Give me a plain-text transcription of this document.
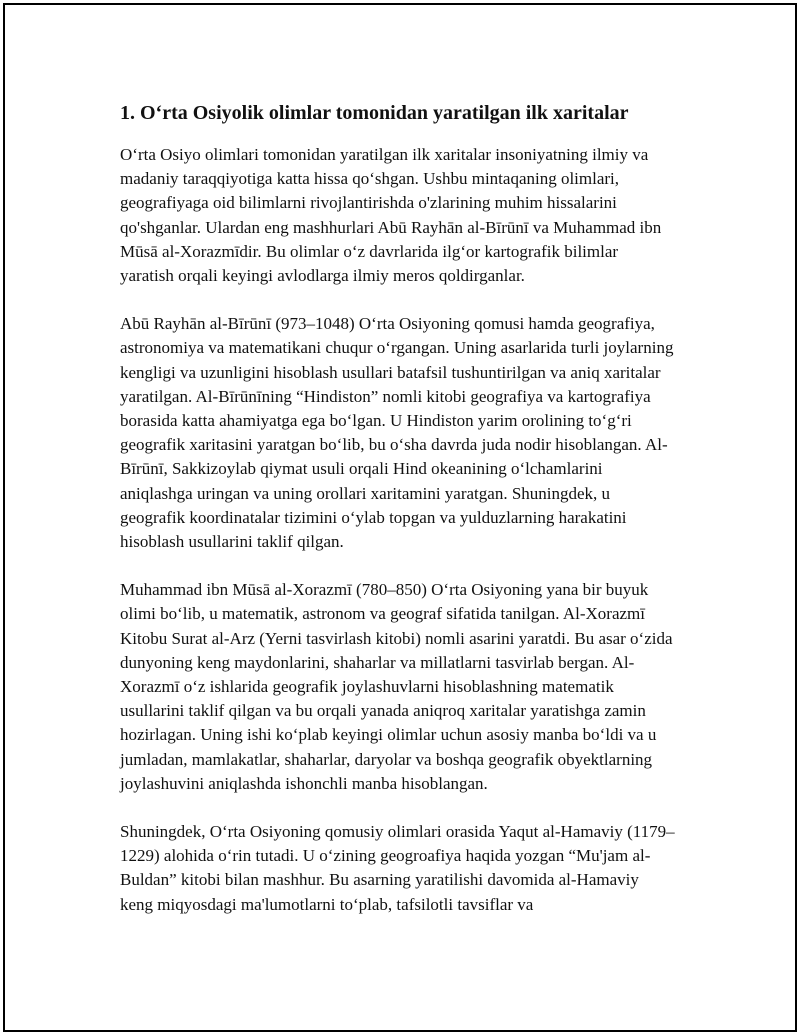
1. Oʻrta Osiyolik olimlar tomonidan yaratilgan ilk xaritalar

Oʻrta Osiyo olimlari tomonidan yaratilgan ilk xaritalar insoniyatning ilmiy va madaniy taraqqiyotiga katta hissa qoʻshgan. Ushbu mintaqaning olimlari, geografiyaga oid bilimlarni rivojlantirishda o'zlarining muhim hissalarini qo'shganlar. Ulardan eng mashhurlari Abū Rayhān al-Bīrūnī va Muhammad ibn Mūsā al-Xorazmīdir. Bu olimlar oʻz davrlarida ilgʻor kartografik bilimlar yaratish orqali keyingi avlodlarga ilmiy meros qoldirganlar.

Abū Rayhān al-Bīrūnī (973–1048) Oʻrta Osiyoning qomusi hamda geografiya, astronomiya va matematikani chuqur oʻrgangan. Uning asarlarida turli joylarning kengligi va uzunligini hisoblash usullari batafsil tushuntirilgan va aniq xaritalar yaratilgan. Al-Bīrūnīning “Hindiston” nomli kitobi geografiya va kartografiya borasida katta ahamiyatga ega boʻlgan. U Hindiston yarim orolining toʻgʻri geografik xaritasini yaratgan boʻlib, bu oʻsha davrda juda nodir hisoblangan. Al-Bīrūnī, Sakkizoylab qiymat usuli orqali Hind okeanining oʻlchamlarini aniqlashga uringan va uning orollari xaritamini yaratgan. Shuningdek, u geografik koordinatalar tizimini oʻylab topgan va yulduzlarning harakatini hisoblash usullarini taklif qilgan.

Muhammad ibn Mūsā al-Xorazmī (780–850) Oʻrta Osiyoning yana bir buyuk olimi boʻlib, u matematik, astronom va geograf sifatida tanilgan. Al-Xorazmī Kitobu Surat al-Arz (Yerni tasvirlash kitobi) nomli asarini yaratdi. Bu asar oʻzida dunyoning keng maydonlarini, shaharlar va millatlarni tasvirlab bergan. Al-Xorazmī oʻz ishlarida geografik joylashuvlarni hisoblashning matematik usullarini taklif qilgan va bu orqali yanada aniqroq xaritalar yaratishga zamin hozirlagan. Uning ishi koʻplab keyingi olimlar uchun asosiy manba boʻldi va u jumladan, mamlakatlar, shaharlar, daryolar va boshqa geografik obyektlarning joylashuvini aniqlashda ishonchli manba hisoblangan.

Shuningdek, Oʻrta Osiyoning qomusiy olimlari orasida Yaqut al-Hamaviy (1179–1229) alohida oʻrin tutadi. U oʻzining geogroafiya haqida yozgan “Mu'jam al-Buldan” kitobi bilan mashhur. Bu asarning yaratilishi davomida al-Hamaviy keng miqyosdagi ma'lumotlarni toʻplab, tafsilotli tavsiflar va
